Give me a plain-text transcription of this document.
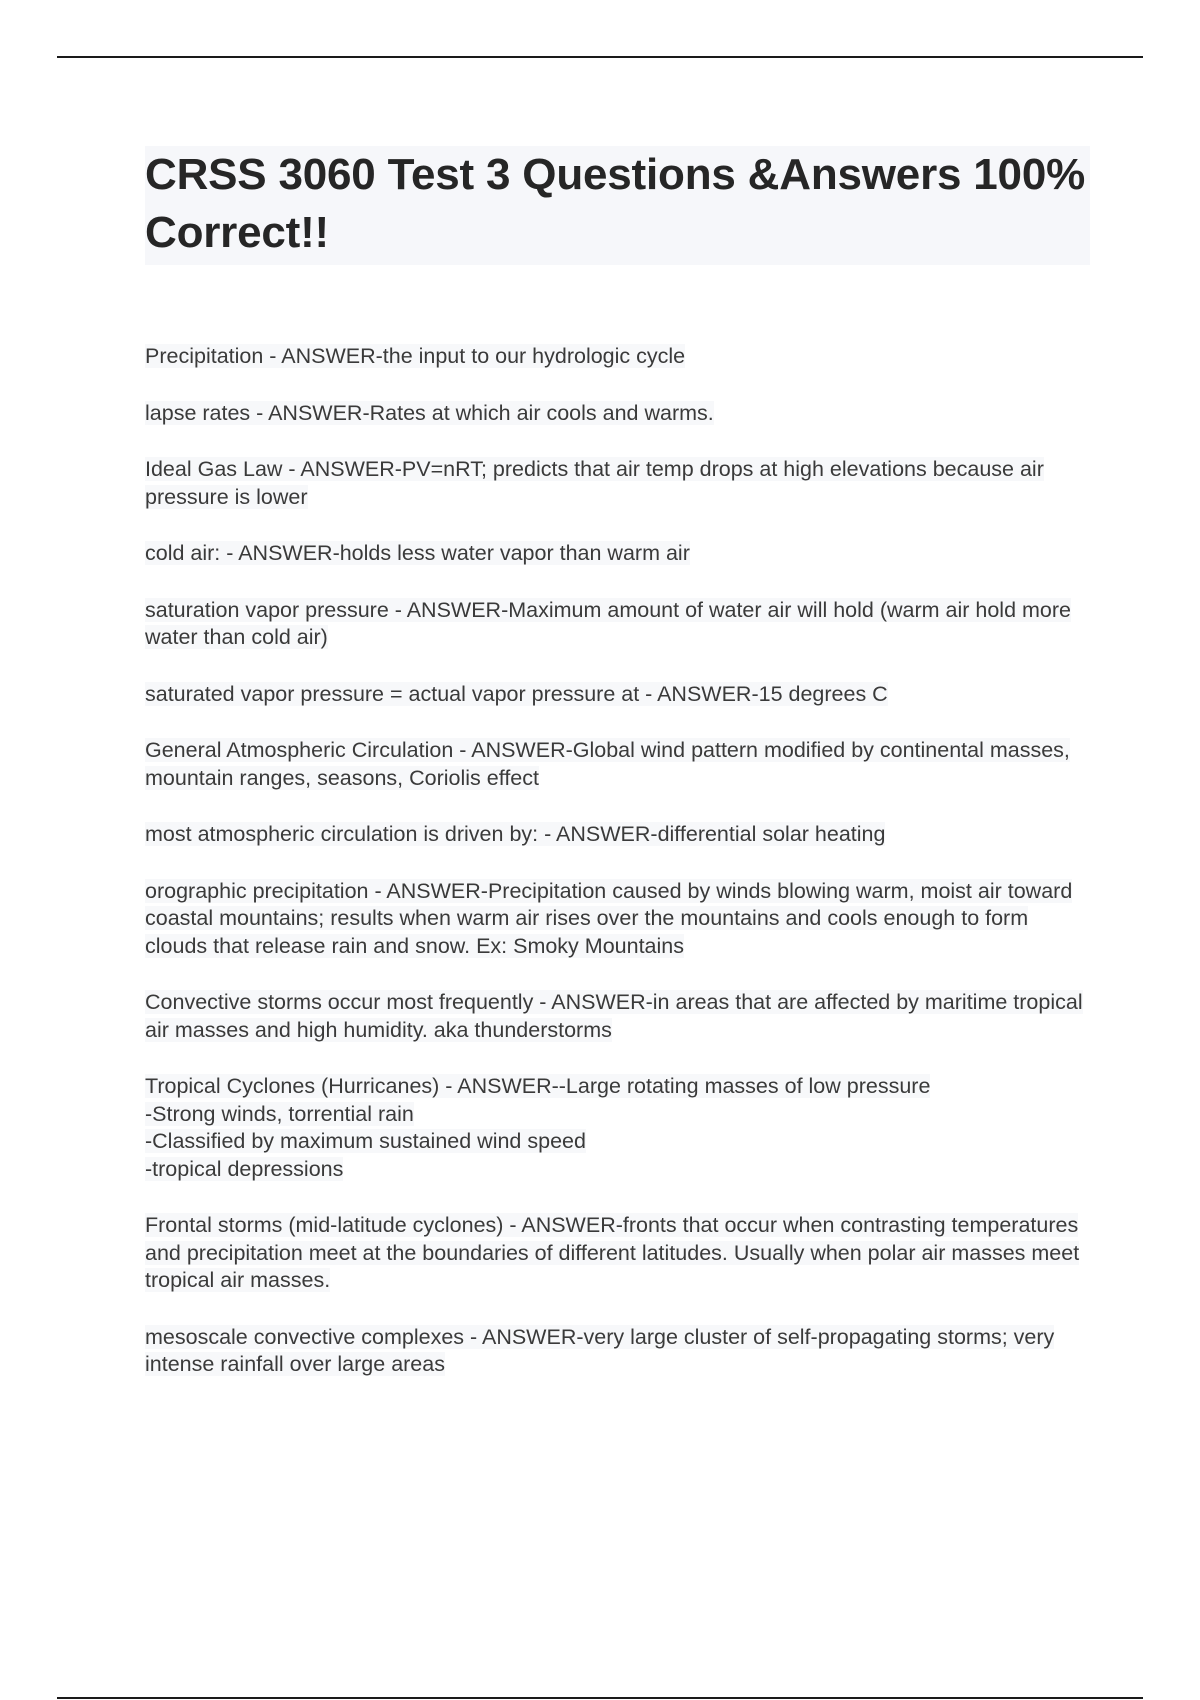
CRSS 3060 Test 3 Questions &Answers 100% Correct!!

Precipitation - ANSWER-the input to our hydrologic cycle

lapse rates - ANSWER-Rates at which air cools and warms.

Ideal Gas Law - ANSWER-PV=nRT; predicts that air temp drops at high elevations because air pressure is lower

cold air: - ANSWER-holds less water vapor than warm air

saturation vapor pressure - ANSWER-Maximum amount of water air will hold (warm air hold more water than cold air)

saturated vapor pressure = actual vapor pressure at - ANSWER-15 degrees C

General Atmospheric Circulation - ANSWER-Global wind pattern modified by continental masses, mountain ranges, seasons, Coriolis effect

most atmospheric circulation is driven by: - ANSWER-differential solar heating

orographic precipitation - ANSWER-Precipitation caused by winds blowing warm, moist air toward coastal mountains; results when warm air rises over the mountains and cools enough to form clouds that release rain and snow. Ex: Smoky Mountains

Convective storms occur most frequently - ANSWER-in areas that are affected by maritime tropical air masses and high humidity. aka thunderstorms

Tropical Cyclones (Hurricanes) - ANSWER--Large rotating masses of low pressure
-Strong winds, torrential rain
-Classified by maximum sustained wind speed
-tropical depressions

Frontal storms (mid-latitude cyclones) - ANSWER-fronts that occur when contrasting temperatures and precipitation meet at the boundaries of different latitudes. Usually when polar air masses meet tropical air masses.

mesoscale convective complexes - ANSWER-very large cluster of self-propagating storms; very intense rainfall over large areas
